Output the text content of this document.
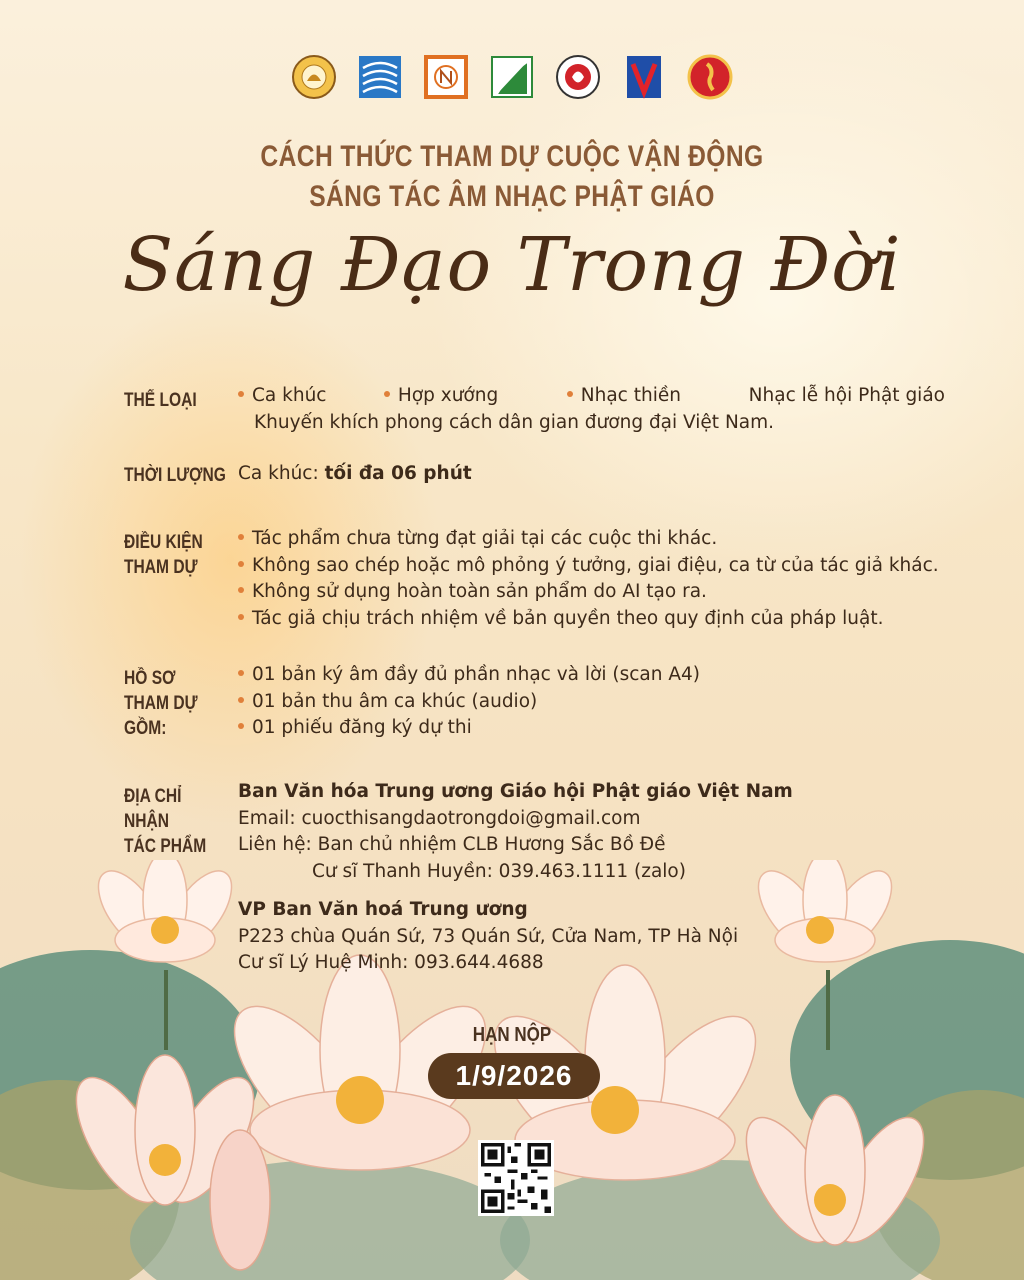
CÁCH THỨC THAM DỰ CUỘC VẬN ĐỘNG
SÁNG TÁC ÂM NHẠC PHẬT GIÁO
Sáng Đạo Trong Đời
THỂ LOẠI	Ca khúc	Hợp xướng	Nhạc thiền	Nhạc lễ hội Phật giáo
Khuyến khích phong cách dân gian đương đại Việt Nam.
THỜI LƯỢNG Ca khúc: tối đa 06 phút
ĐIỀU KIỆN
THAM DỰ
Tác phẩm chưa từng đạt giải tại các cuộc thi khác.
Không sao chép hoặc mô phỏng ý tưởng, giai điệu, ca từ của tác giả khác.
Không sử dụng hoàn toàn sản phẩm do AI tạo ra.
Tác giả chịu trách nhiệm về bản quyền theo quy định của pháp luật.
HỒ SƠ
THAM DỰ
GỒM:
01 bản ký âm đầy đủ phần nhạc và lời (scan A4)
01 bản thu âm ca khúc (audio)
01 phiếu đăng ký dự thi
ĐỊA CHỈ
NHẬN
TÁC PHẨM
Ban Văn hóa Trung ương Giáo hội Phật giáo Việt Nam
Email: cuocthisangdaotrongdoi@gmail.com
Liên hệ: Ban chủ nhiệm CLB Hương Sắc Bồ Đề
Cư sĩ Thanh Huyền: 039.463.1111 (zalo)
VP Ban Văn hoá Trung ương
P223 chùa Quán Sứ, 73 Quán Sứ, Cửa Nam, TP Hà Nội
Cư sĩ Lý Huệ Minh: 093.644.4688
HẠN NỘP
1/9/2026
